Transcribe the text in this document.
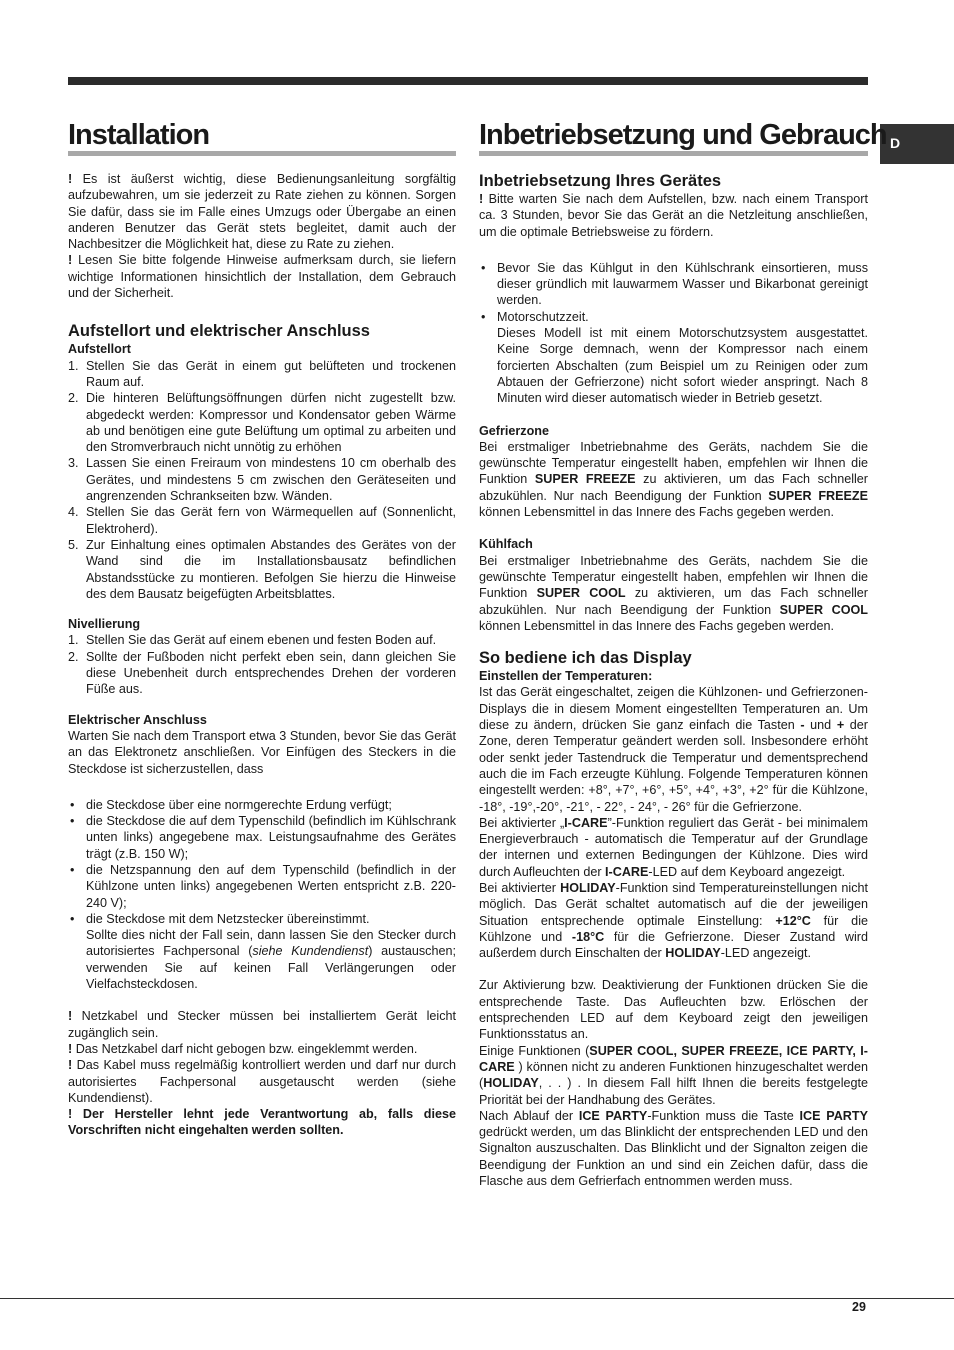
D
Installation	Inbetriebsetzung und Gebrauch

! Es ist äußerst wichtig, diese Bedienungsanleitung sorgfältig aufzubewahren, um sie jederzeit zu Rate ziehen zu können. Sorgen Sie dafür, dass sie im Falle eines Umzugs oder Übergabe an einen anderen Benutzer das Gerät stets begleitet, damit auch der Nachbesitzer die Möglichkeit hat, diese zu Rate zu ziehen.

! Lesen Sie bitte folgende Hinweise aufmerksam durch, sie liefern wichtige Informationen hinsichtlich der Installation, dem Gebrauch und der Sicherheit.

Aufstellort und elektrischer Anschluss
Aufstellort
1. Stellen Sie das Gerät in einem gut belüfteten und trockenen Raum auf.
2. Die hinteren Belüftungsöffnungen dürfen nicht zugestellt bzw. abgedeckt werden: Kompressor und Kondensator geben Wärme ab und benötigen eine gute Belüftung um optimal zu arbeiten und den Stromverbrauch nicht unnötig zu erhöhen
3. Lassen Sie einen Freiraum von mindestens 10 cm oberhalb des Gerätes, und mindestens 5 cm zwischen den Geräteseiten und angrenzenden Schrankseiten bzw. Wänden.
4. Stellen Sie das Gerät fern von Wärmequellen auf (Sonnenlicht, Elektroherd).
5. Zur Einhaltung eines optimalen Abstandes des Gerätes von der Wand sind die im Installationsbausatz befindlichen Abstandsstücke zu montieren. Befolgen Sie hierzu die Hinweise des dem Bausatz beigefügten Arbeitsblattes.
Nivellierung
1. Stellen Sie das Gerät auf einem ebenen und festen Boden auf.
2. Sollte der Fußboden nicht perfekt eben sein, dann gleichen Sie diese Unebenheit durch entsprechendes Drehen der vorderen Füße aus.
Elektrischer Anschluss

Warten Sie nach dem Transport etwa 3 Stunden, bevor Sie das Gerät an das Elektronetz anschließen. Vor Einfügen des Steckers in die Steckdose ist sicherzustellen, dass

• die Steckdose über eine normgerechte Erdung verfügt;
• die Steckdose die auf dem Typenschild (befindlich im Kühlschrank unten links) angegebene max. Leistungsaufnahme des Gerätes trägt (z.B. 150 W);
• die Netzspannung den auf dem Typenschild (befindlich in der Kühlzone unten links) angegebenen Werten entspricht z.B. 220-240 V);
• die Steckdose mit dem Netzstecker übereinstimmt.
Sollte dies nicht der Fall sein, dann lassen Sie den Stecker durch autorisiertes Fachpersonal (siehe Kundendienst) austauschen; verwenden Sie auf keinen Fall Verlängerungen oder Vielfachsteckdosen.

! Netzkabel und Stecker müssen bei installiertem Gerät leicht zugänglich sein.

! Das Netzkabel darf nicht gebogen bzw. eingeklemmt werden.

! Das Kabel muss regelmäßig kontrolliert werden und darf nur durch autorisiertes Fachpersonal ausgetauscht werden (siehe Kundendienst).

! Der Hersteller lehnt jede Verantwortung ab, falls diese Vorschriften nicht eingehalten werden sollten.

Inbetriebsetzung Ihres Gerätes

! Bitte warten Sie nach dem Aufstellen, bzw. nach einem Transport ca. 3 Stunden, bevor Sie das Gerät an die Netzleitung anschließen, um die optimale Betriebsweise zu fördern.

• Bevor Sie das Kühlgut in den Kühlschrank einsortieren, muss dieser gründlich mit lauwarmem Wasser und Bikarbonat gereinigt werden.
• Motorschutzzeit.
Dieses Modell ist mit einem Motorschutzsystem ausgestattet. Keine Sorge demnach, wenn der Kompressor nach einem forcierten Abschalten (zum Beispiel um zu Reinigen oder zum Abtauen der Gefrierzone) nicht sofort wieder anspringt. Nach 8 Minuten wird dieser automatisch wieder in Betrieb gesetzt.
Gefrierzone

Bei erstmaliger Inbetriebnahme des Geräts, nachdem Sie die gewünschte Temperatur eingestellt haben, empfehlen wir Ihnen die Funktion SUPER FREEZE zu aktivieren, um das Fach schneller abzukühlen. Nur nach Beendigung der Funktion SUPER FREEZE können Lebensmittel in das Innere des Fachs gegeben werden.

Kühlfach

Bei erstmaliger Inbetriebnahme des Geräts, nachdem Sie die gewünschte Temperatur eingestellt haben, empfehlen wir Ihnen die Funktion SUPER COOL zu aktivieren, um das Fach schneller abzukühlen. Nur nach Beendigung der Funktion SUPER COOL können Lebensmittel in das Innere des Fachs gegeben werden.

So bediene ich das Display
Einstellen der Temperaturen:

Ist das Gerät eingeschaltet, zeigen die Kühlzonen- und Gefrierzonen-Displays die in diesem Moment eingestellten Temperaturen an. Um diese zu ändern, drücken Sie ganz einfach die Tasten - und + der Zone, deren Temperatur geändert werden soll. Insbesondere erhöht oder senkt jeder Tastendruck die Temperatur und dementsprechend auch die im Fach erzeugte Kühlung. Folgende Temperaturen können eingestellt werden: +8°, +7°, +6°, +5°, +4°, +3°, +2° für die Kühlzone, -18°, -19°,-20°, -21°, - 22°, - 24°, - 26° für die Gefrierzone.

Bei aktivierter „I-CARE”-Funktion reguliert das Gerät - bei minimalem Energieverbrauch - automatisch die Temperatur auf der Grundlage der internen und externen Bedingungen der Kühlzone. Dies wird durch Aufleuchten der I-CARE-LED auf dem Keyboard angezeigt.

Bei aktivierter HOLIDAY-Funktion sind Temperatureinstellungen nicht möglich. Das Gerät schaltet automatisch auf die der jeweiligen Situation entsprechende optimale Einstellung: +12°C für die Kühlzone und -18°C für die Gefrierzone. Dieser Zustand wird außerdem durch Einschalten der HOLIDAY-LED angezeigt.

Zur Aktivierung bzw. Deaktivierung der Funktionen drücken Sie die entsprechende Taste. Das Aufleuchten bzw. Erlöschen der entsprechenden LED auf dem Keyboard zeigt den jeweiligen Funktionsstatus an.

Einige Funktionen (SUPER COOL, SUPER FREEZE, ICE PARTY, I-CARE ) können nicht zu anderen Funktionen hinzugeschaltet werden (HOLIDAY, . . ) . In diesem Fall hilft Ihnen die bereits festgelegte Priorität bei der Handhabung des Gerätes.

Nach Ablauf der ICE PARTY-Funktion muss die Taste ICE PARTY gedrückt werden, um das Blinklicht der entsprechenden LED und den Signalton auszuschalten. Das Blinklicht und der Signalton zeigen die Beendigung der Funktion an und sind ein Zeichen dafür, dass die Flasche aus dem Gefrierfach entnommen werden muss.

29
